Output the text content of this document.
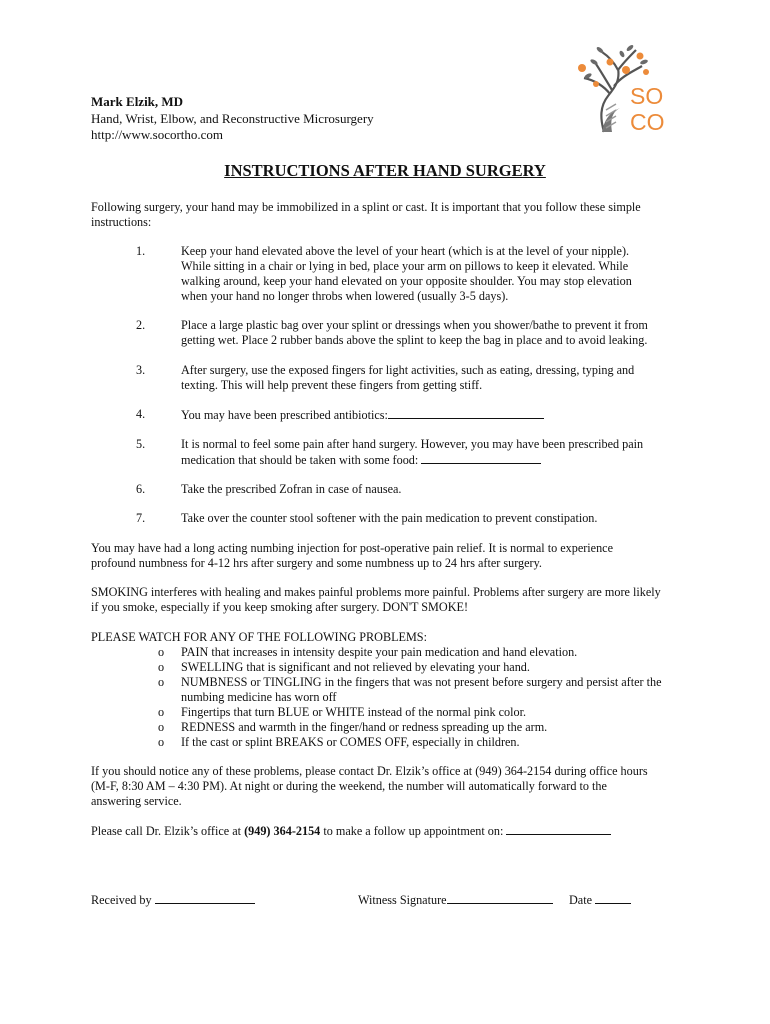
Mark Elzik, MD
Hand, Wrist, Elbow, and Reconstructive Microsurgery
http://www.socortho.com
SO
CO
INSTRUCTIONS AFTER HAND SURGERY
Following surgery, your hand may be immobilized in a splint or cast. It is important that you follow these simple instructions:
1.	Keep your hand elevated above the level of your heart (which is at the level of your nipple).
While sitting in a chair or lying in bed, place your arm on pillows to keep it elevated. While
walking around, keep your hand elevated on your opposite shoulder. You may stop elevation
when your hand no longer throbs when lowered (usually 3-5 days).
2.	Place a large plastic bag over your splint or dressings when you shower/bathe to prevent it from
getting wet. Place 2 rubber bands above the splint to keep the bag in place and to avoid leaking.
3.	After surgery, use the exposed fingers for light activities, such as eating, dressing, typing and
texting. This will help prevent these fingers from getting stiff.
4.	You may have been prescribed antibiotics:
5.	It is normal to feel some pain after hand surgery. However, you may have been prescribed pain
medication that should be taken with some food:
6.	Take the prescribed Zofran in case of nausea.
7.	Take over the counter stool softener with the pain medication to prevent constipation.
You may have had a long acting numbing injection for post-operative pain relief. It is normal to experience
profound numbness for 4-12 hrs after surgery and some numbness up to 24 hrs after surgery.
SMOKING interferes with healing and makes painful problems more painful. Problems after surgery are more likely
if you smoke, especially if you keep smoking after surgery. DON'T SMOKE!
PLEASE WATCH FOR ANY OF THE FOLLOWING PROBLEMS:
o	PAIN that increases in intensity despite your pain medication and hand elevation.
o	SWELLING that is significant and not relieved by elevating your hand.
o	NUMBNESS or TINGLING in the fingers that was not present before surgery and persist after the
numbing medicine has worn off
o	Fingertips that turn BLUE or WHITE instead of the normal pink color.
o	REDNESS and warmth in the finger/hand or redness spreading up the arm.
o	If the cast or splint BREAKS or COMES OFF, especially in children.
If you should notice any of these problems, please contact Dr. Elzik’s office at (949) 364-2154 during office hours
(M-F, 8:30 AM – 4:30 PM). At night or during the weekend, the number will automatically forward to the
answering service.
Please call Dr. Elzik’s office at (949) 364-2154 to make a follow up appointment on:
Received by	Witness Signature	Date
